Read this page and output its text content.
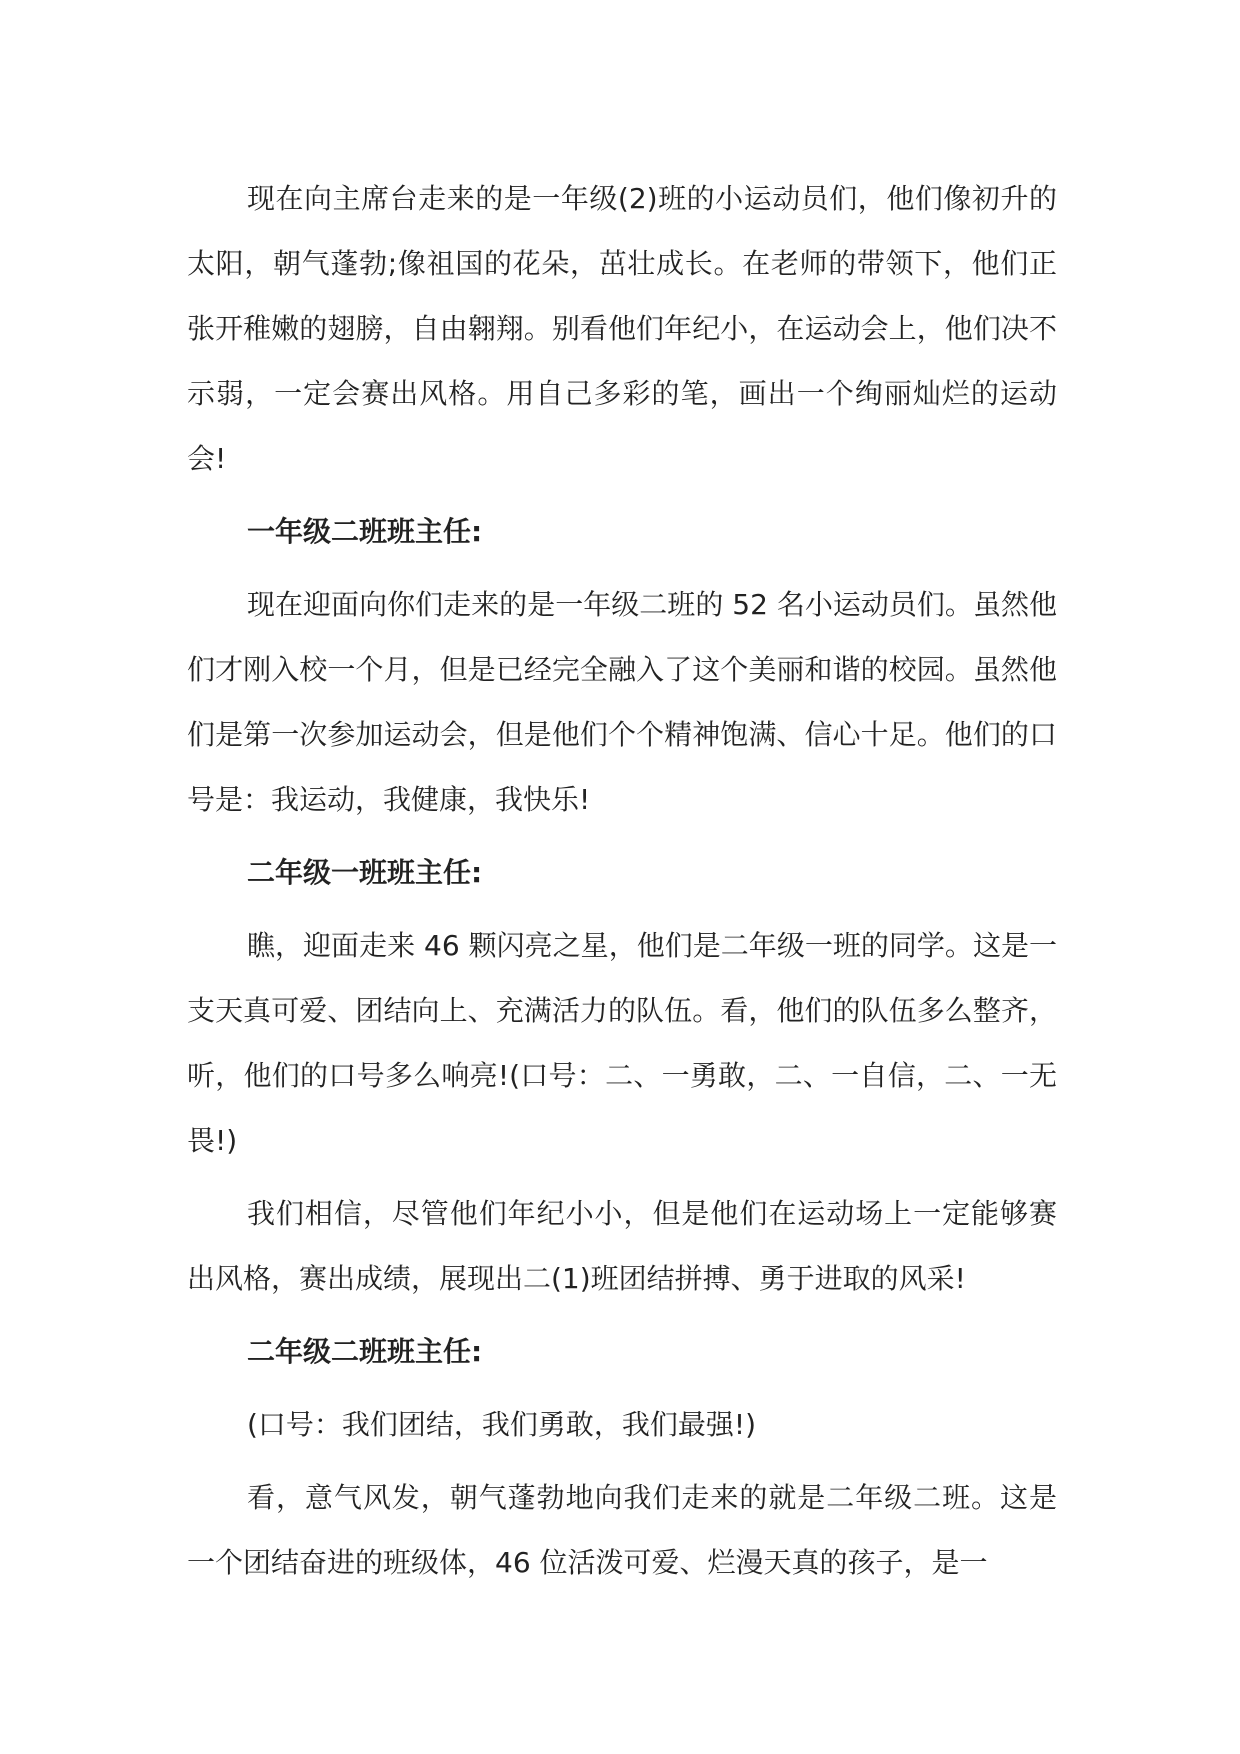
现在向主席台走来的是一年级(2)班的小运动员们，他们像初升的太阳，朝气蓬勃;像祖国的花朵，茁壮成长。在老师的带领下，他们正张开稚嫩的翅膀，自由翱翔。别看他们年纪小，在运动会上，他们决不示弱，一定会赛出风格。用自己多彩的笔，画出一个绚丽灿烂的运动会!

一年级二班班主任:

现在迎面向你们走来的是一年级二班的 52 名小运动员们。虽然他们才刚入校一个月，但是已经完全融入了这个美丽和谐的校园。虽然他们是第一次参加运动会，但是他们个个精神饱满、信心十足。他们的口号是：我运动，我健康，我快乐!

二年级一班班主任:

瞧，迎面走来 46 颗闪亮之星，他们是二年级一班的同学。这是一支天真可爱、团结向上、充满活力的队伍。看，他们的队伍多么整齐，听，他们的口号多么响亮!(口号：二、一勇敢，二、一自信，二、一无畏!)

我们相信，尽管他们年纪小小，但是他们在运动场上一定能够赛出风格，赛出成绩，展现出二(1)班团结拼搏、勇于进取的风采!

二年级二班班主任:

(口号：我们团结，我们勇敢，我们最强!)

看，意气风发，朝气蓬勃地向我们走来的就是二年级二班。这是一个团结奋进的班级体，46 位活泼可爱、烂漫天真的孩子，是一
